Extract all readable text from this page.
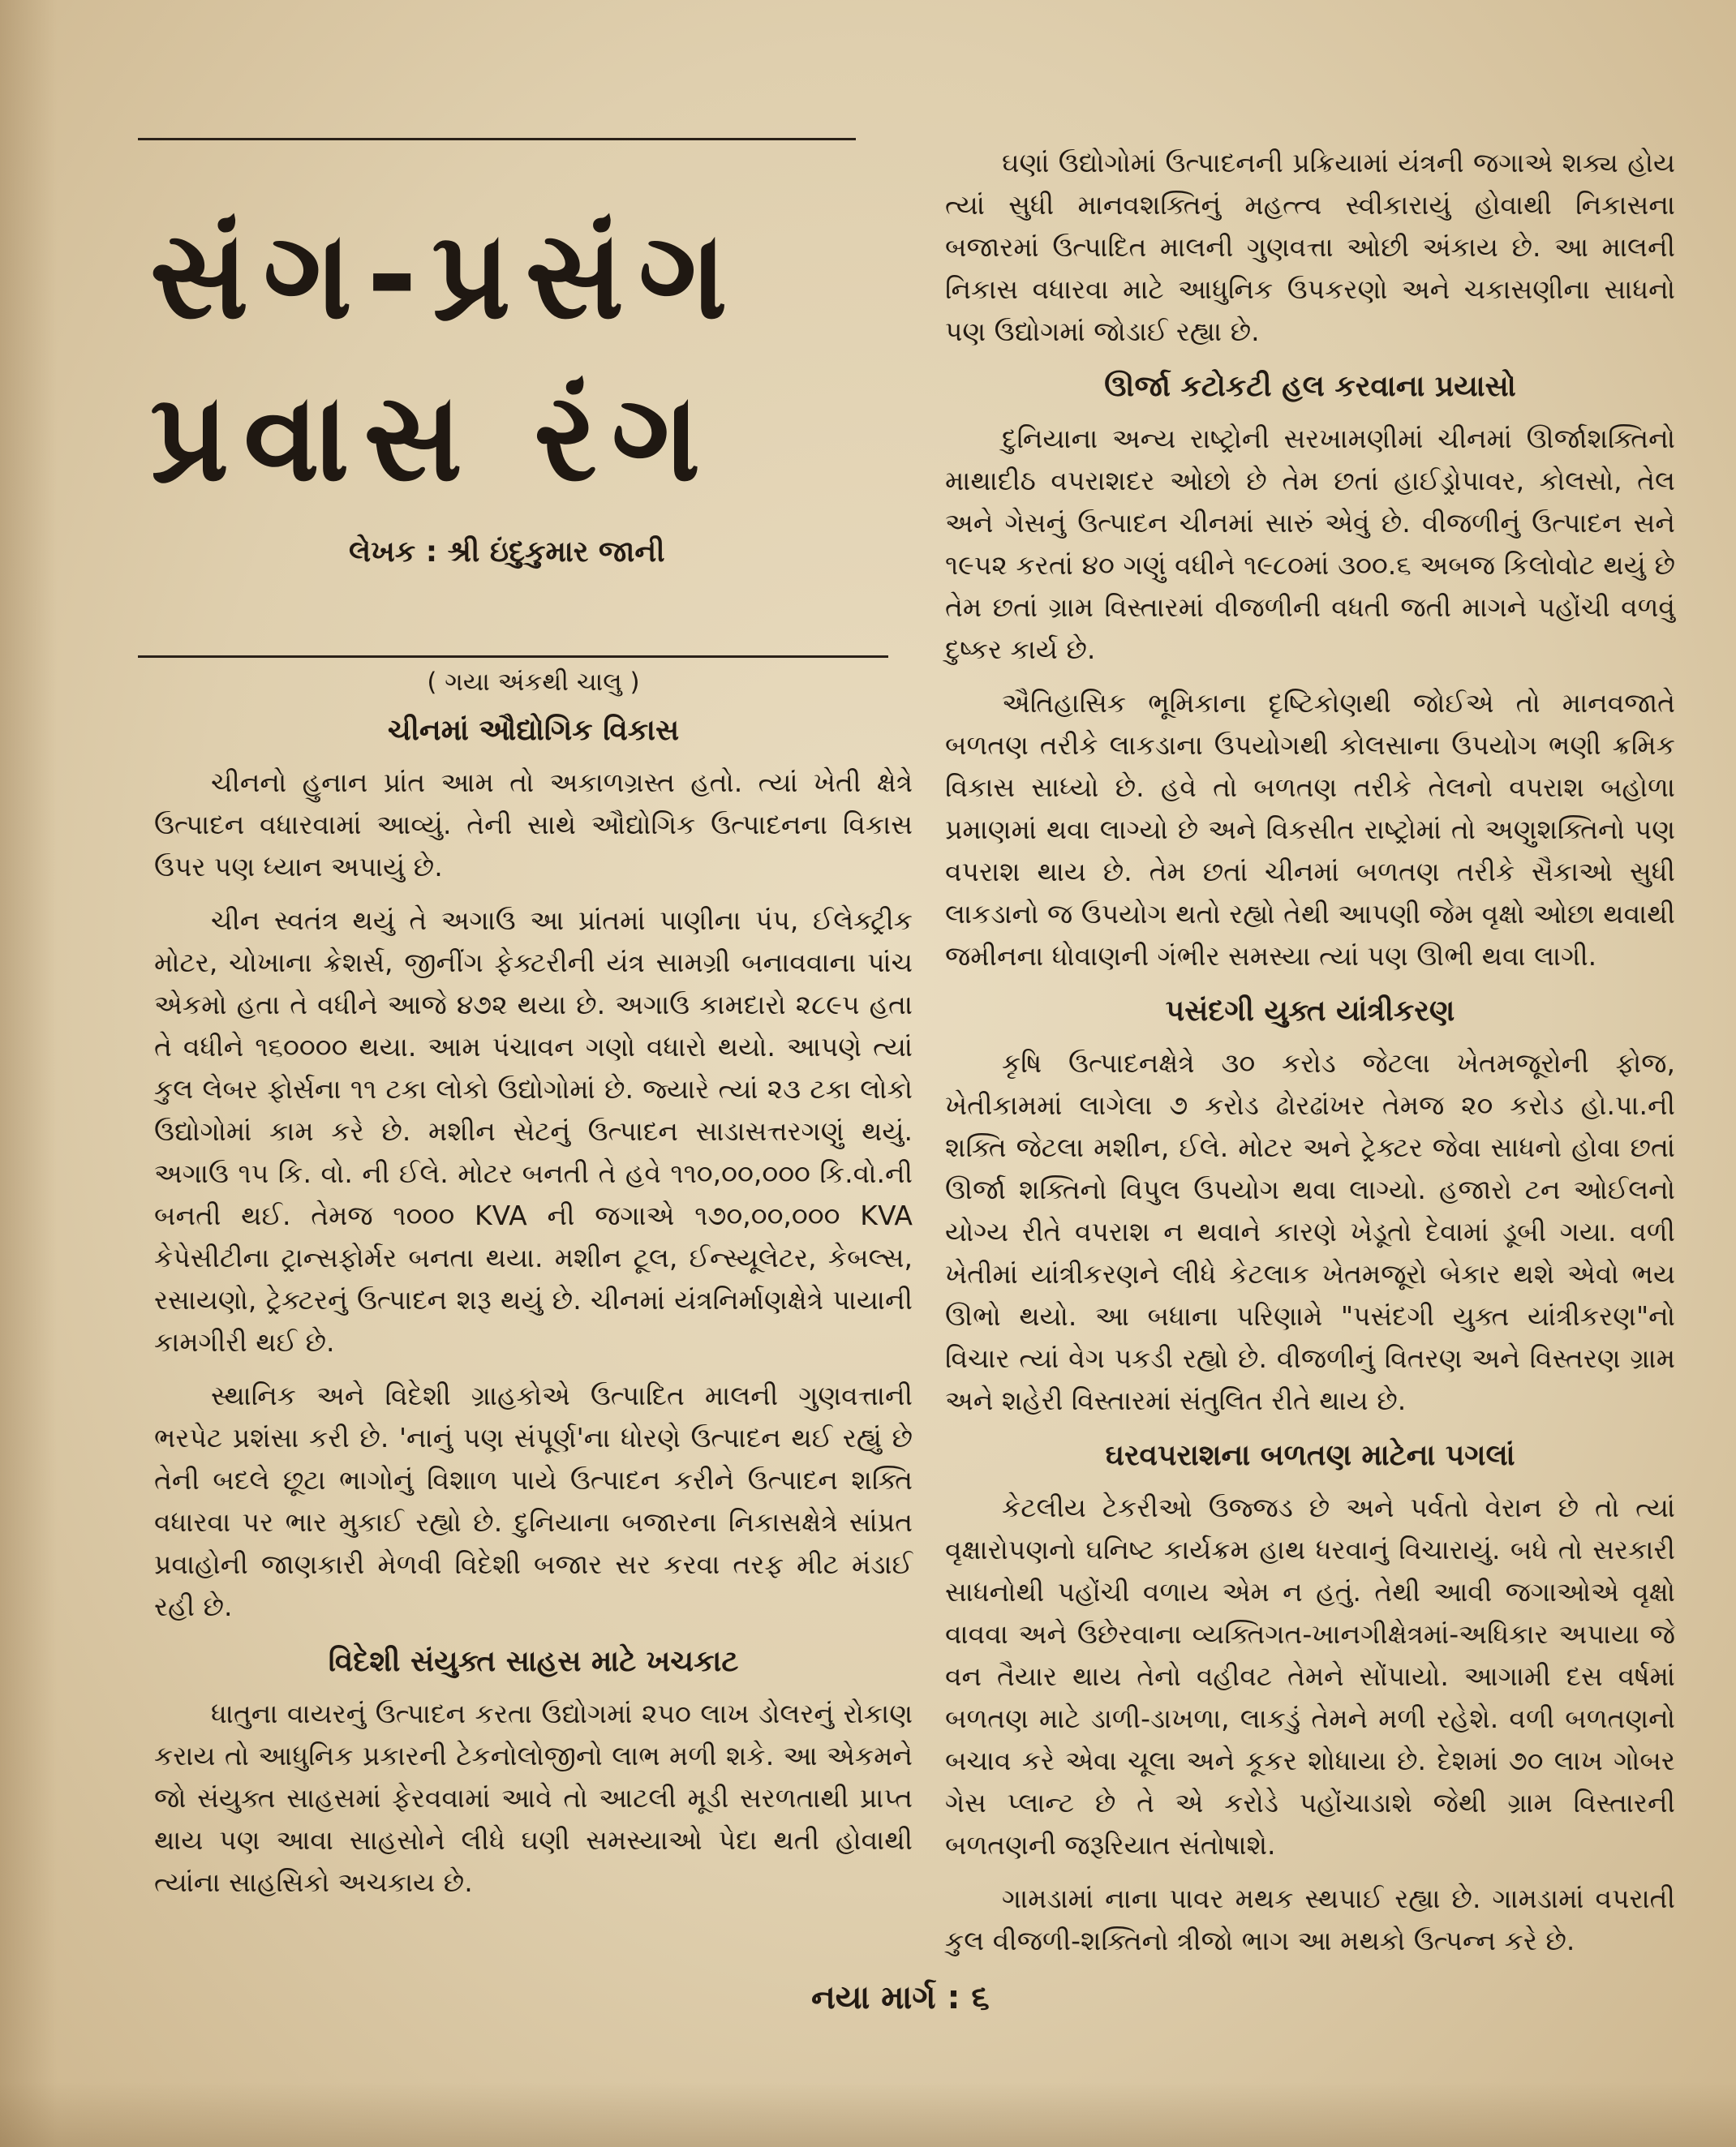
સંગ-પ્રસંગ
પ્રવાસ રંગ
લેખક : શ્રી ઇંદુકુમાર જાની
( ગયા અંકથી ચાલુ )
ચીનમાં ઔદ્યોગિક વિકાસ

ચીનનો હુનાન પ્રાંત આમ તો અકાળગ્રસ્ત હતો. ત્યાં ખેતી ક્ષેત્રે ઉત્પાદન વધારવામાં આવ્યું. તેની સાથે ઔદ્યોગિક ઉત્પાદનના વિકાસ ઉપર પણ ધ્યાન અપાયું છે.

ચીન સ્વતંત્ર થયું તે અગાઉ આ પ્રાંતમાં પાણીના પંપ, ઈલેક્ટ્રીક મોટર, ચોખાના ક્રેશર્સ, જીનીંગ ફેક્ટરીની યંત્ર સામગ્રી બનાવવાના પાંચ એકમો હતા તે વધીને આજે ૪૭૨ થયા છે. અગાઉ કામદારો ૨૮૯૫ હતા તે વધીને ૧૬૦૦૦૦ થયા. આમ પંચાવન ગણો વધારો થયો. આપણે ત્યાં કુલ લેબર ફોર્સના ૧૧ ટકા લોકો ઉદ્યોગોમાં છે. જ્યારે ત્યાં ૨૩ ટકા લોકો ઉદ્યોગોમાં કામ કરે છે. મશીન સેટનું ઉત્પાદન સાડાસત્તરગણું થયું. અગાઉ ૧૫ કિ. વો. ની ઈલે. મોટર બનતી તે હવે ૧૧૦,૦૦,૦૦૦ કિ.વો.ની બનતી થઈ. તેમજ ૧૦૦૦ KVA ની જગાએ ૧૭૦,૦૦,૦૦૦ KVA કેપેસીટીના ટ્રાન્સફોર્મર બનતા થયા. મશીન ટૂલ, ઈન્સ્યૂલેટર, કેબલ્સ, રસાયણો, ટ્રેક્ટરનું ઉત્પાદન શરૂ થયું છે. ચીનમાં યંત્રનિર્માણક્ષેત્રે પાયાની કામગીરી થઈ છે.

સ્થાનિક અને વિદેશી ગ્રાહકોએ ઉત્પાદિત માલની ગુણવત્તાની ભરપેટ પ્રશંસા કરી છે. 'નાનું પણ સંપૂર્ણ'ના ધોરણે ઉત્પાદન થઈ રહ્યું છે તેની બદલે છૂટા ભાગોનું વિશાળ પાયે ઉત્પાદન કરીને ઉત્પાદન શક્તિ વધારવા પર ભાર મુકાઈ રહ્યો છે. દુનિયાના બજારના નિકાસક્ષેત્રે સાંપ્રત પ્રવાહોની જાણકારી મેળવી વિદેશી બજાર સર કરવા તરફ મીટ મંડાઈ રહી છે.

વિદેશી સંયુક્ત સાહસ માટે ખચકાટ

ધાતુના વાયરનું ઉત્પાદન કરતા ઉદ્યોગમાં ૨૫૦ લાખ ડોલરનું રોકાણ કરાય તો આધુનિક પ્રકારની ટેકનોલોજીનો લાભ મળી શકે. આ એકમને જો સંયુક્ત સાહસમાં ફેરવવામાં આવે તો આટલી મૂડી સરળતાથી પ્રાપ્ત થાય પણ આવા સાહસોને લીધે ઘણી સમસ્યાઓ પેદા થતી હોવાથી ત્યાંના સાહસિકો અચકાય છે.

ઘણાં ઉદ્યોગોમાં ઉત્પાદનની પ્રક્રિયામાં યંત્રની જગાએ શક્ય હોય ત્યાં સુધી માનવશક્તિનું મહત્ત્વ સ્વીકારાયું હોવાથી નિકાસના બજારમાં ઉત્પાદિત માલની ગુણવત્તા ઓછી અંકાય છે. આ માલની નિકાસ વધારવા માટે આધુનિક ઉપકરણો અને ચકાસણીના સાધનો પણ ઉદ્યોગમાં જોડાઈ રહ્યા છે.

ઊર્જા કટોકટી હલ કરવાના પ્રયાસો

દુનિયાના અન્ય રાષ્ટ્રોની સરખામણીમાં ચીનમાં ઊર્જાશક્તિનો માથાદીઠ વપરાશદર ઓછો છે તેમ છતાં હાઈડ્રોપાવર, કોલસો, તેલ અને ગેસનું ઉત્પાદન ચીનમાં સારું એવું છે. વીજળીનું ઉત્પાદન સને ૧૯૫૨ કરતાં ૪૦ ગણું વધીને ૧૯૮૦માં ૩૦૦.૬ અબજ કિલોવોટ થયું છે તેમ છતાં ગ્રામ વિસ્તારમાં વીજળીની વધતી જતી માગને પહોંચી વળવું દુષ્કર કાર્ય છે.

ઐતિહાસિક ભૂમિકાના દૃષ્ટિકોણથી જોઈએ તો માનવજાતે બળતણ તરીકે લાકડાના ઉપયોગથી કોલસાના ઉપયોગ ભણી ક્રમિક વિકાસ સાધ્યો છે. હવે તો બળતણ તરીકે તેલનો વપરાશ બહોળા પ્રમાણમાં થવા લાગ્યો છે અને વિકસીત રાષ્ટ્રોમાં તો અણુશક્તિનો પણ વપરાશ થાય છે. તેમ છતાં ચીનમાં બળતણ તરીકે સૈકાઓ સુધી લાકડાનો જ ઉપયોગ થતો રહ્યો તેથી આપણી જેમ વૃક્ષો ઓછા થવાથી જમીનના ધોવાણની ગંભીર સમસ્યા ત્યાં પણ ઊભી થવા લાગી.

પસંદગી યુક્ત યાંત્રીકરણ

કૃષિ ઉત્પાદનક્ષેત્રે ૩૦ કરોડ જેટલા ખેતમજૂરોની ફોજ, ખેતીકામમાં લાગેલા ૭ કરોડ ઢોરઢાંખર તેમજ ૨૦ કરોડ હો.પા.ની શક્તિ જેટલા મશીન, ઈલે. મોટર અને ટ્રેક્ટર જેવા સાધનો હોવા છતાં ઊર્જા શક્તિનો વિપુલ ઉપયોગ થવા લાગ્યો. હજારો ટન ઓઈલનો યોગ્ય રીતે વપરાશ ન થવાને કારણે ખેડૂતો દેવામાં ડૂબી ગયા. વળી ખેતીમાં યાંત્રીકરણને લીધે કેટલાક ખેતમજૂરો બેકાર થશે એવો ભય ઊભો થયો. આ બધાના પરિણામે "પસંદગી યુક્ત યાંત્રીકરણ"નો વિચાર ત્યાં વેગ પકડી રહ્યો છે. વીજળીનું વિતરણ અને વિસ્તરણ ગ્રામ અને શહેરી વિસ્તારમાં સંતુલિત રીતે થાય છે.

ઘરવપરાશના બળતણ માટેના પગલાં

કેટલીય ટેકરીઓ ઉજ્જડ છે અને પર્વતો વેરાન છે તો ત્યાં વૃક્ષારોપણનો ઘનિષ્ટ કાર્યક્રમ હાથ ધરવાનું વિચારાયું. બધે તો સરકારી સાધનોથી પહોંચી વળાય એમ ન હતું. તેથી આવી જગાઓએ વૃક્ષો વાવવા અને ઉછેરવાના વ્યક્તિગત-ખાનગીક્ષેત્રમાં-અધિકાર અપાયા જે વન તૈયાર થાય તેનો વહીવટ તેમને સોંપાયો. આગામી દસ વર્ષમાં બળતણ માટે ડાળી-ડાખળા, લાકડું તેમને મળી રહેશે. વળી બળતણનો બચાવ કરે એવા ચૂલા અને કૂકર શોધાયા છે. દેશમાં ૭૦ લાખ ગોબર ગેસ પ્લાન્ટ છે તે એ કરોડે પહોંચાડાશે જેથી ગ્રામ વિસ્તારની બળતણની જરૂરિયાત સંતોષાશે.

ગામડામાં નાના પાવર મથક સ્થપાઈ રહ્યા છે. ગામડામાં વપરાતી કુલ વીજળી-શક્તિનો ત્રીજો ભાગ આ મથકો ઉત્પન્ન કરે છે.

નયા માર્ગ : ૬
